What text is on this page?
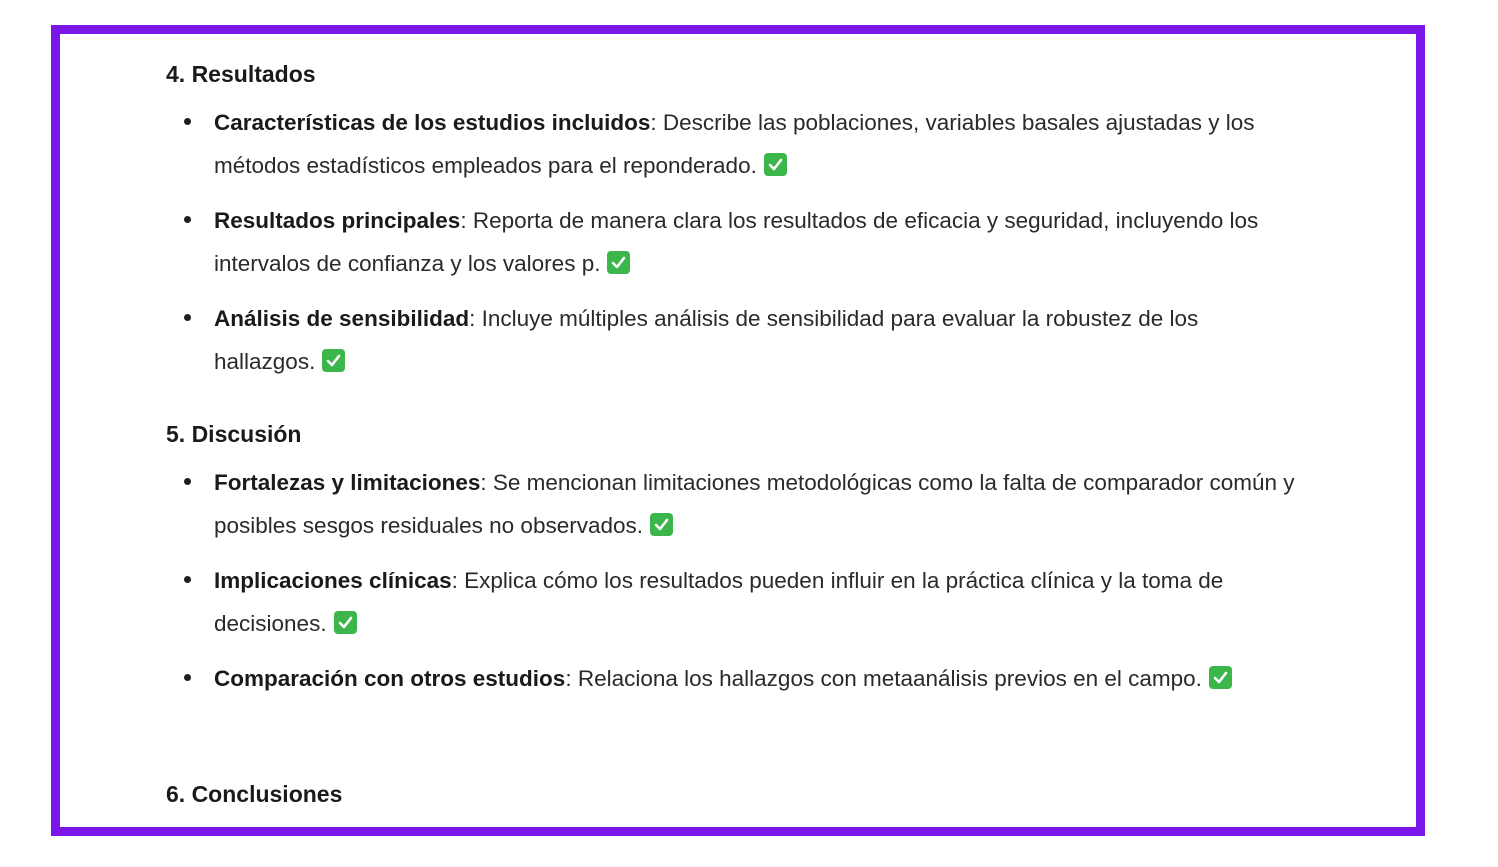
4. Resultados
Características de los estudios incluidos: Describe las poblaciones, variables basales ajustadas y los métodos estadísticos empleados para el reponderado.
Resultados principales: Reporta de manera clara los resultados de eficacia y seguridad, incluyendo los intervalos de confianza y los valores p.
Análisis de sensibilidad: Incluye múltiples análisis de sensibilidad para evaluar la robustez de los hallazgos.
5. Discusión
Fortalezas y limitaciones: Se mencionan limitaciones metodológicas como la falta de comparador común y posibles sesgos residuales no observados.
Implicaciones clínicas: Explica cómo los resultados pueden influir en la práctica clínica y la toma de decisiones.
Comparación con otros estudios: Relaciona los hallazgos con metaanálisis previos en el campo.
6. Conclusiones
